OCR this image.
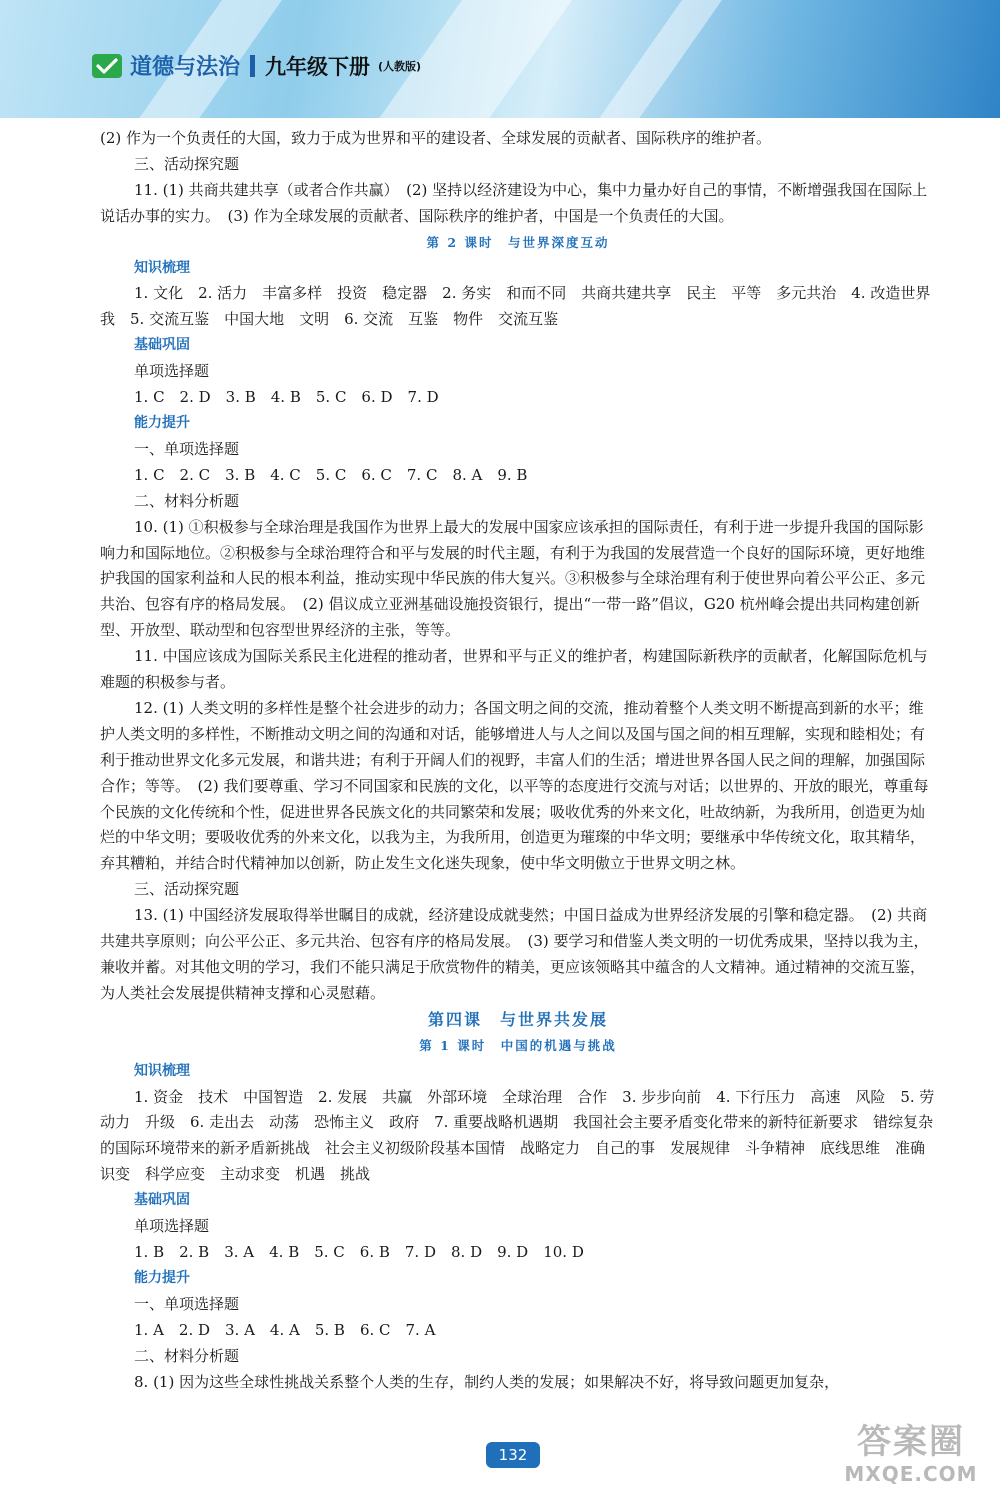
道德与法治 九年级下册 (人教版)

(2) 作为一个负责任的大国，致力于成为世界和平的建设者、全球发展的贡献者、国际秩序的维护者。

三、活动探究题

11. (1) 共商共建共享（或者合作共赢）　(2) 坚持以经济建设为中心，集中力量办好自己的事情，不断增强我国在国际上说话办事的实力。　(3) 作为全球发展的贡献者、国际秩序的维护者，中国是一个负责任的大国。

第 2 课时　与世界深度互动

知识梳理

1. 文化　2. 活力　丰富多样　投资　稳定器　2. 务实　和而不同　共商共建共享　民主　平等　多元共治　4. 改造世界　我　5. 交流互鉴　中国大地　文明　6. 交流　互鉴　物件　交流互鉴

基础巩固

单项选择题

1. C　2. D　3. B　4. B　5. C　6. D　7. D

能力提升

一、单项选择题

1. C　2. C　3. B　4. C　5. C　6. C　7. C　8. A　9. B

二、材料分析题

10. (1) ①积极参与全球治理是我国作为世界上最大的发展中国家应该承担的国际责任，有利于进一步提升我国的国际影响力和国际地位。②积极参与全球治理符合和平与发展的时代主题，有利于为我国的发展营造一个良好的国际环境，更好地维护我国的国家利益和人民的根本利益，推动实现中华民族的伟大复兴。③积极参与全球治理有利于使世界向着公平公正、多元共治、包容有序的格局发展。　(2) 倡议成立亚洲基础设施投资银行，提出“一带一路”倡议，G20 杭州峰会提出共同构建创新型、开放型、联动型和包容型世界经济的主张，等等。

11. 中国应该成为国际关系民主化进程的推动者，世界和平与正义的维护者，构建国际新秩序的贡献者，化解国际危机与难题的积极参与者。

12. (1) 人类文明的多样性是整个社会进步的动力；各国文明之间的交流，推动着整个人类文明不断提高到新的水平；维护人类文明的多样性，不断推动文明之间的沟通和对话，能够增进人与人之间以及国与国之间的相互理解，实现和睦相处；有利于推动世界文化多元发展，和谐共进；有利于开阔人们的视野，丰富人们的生活；增进世界各国人民之间的理解，加强国际合作；等等。　(2) 我们要尊重、学习不同国家和民族的文化，以平等的态度进行交流与对话；以世界的、开放的眼光，尊重每个民族的文化传统和个性，促进世界各民族文化的共同繁荣和发展；吸收优秀的外来文化，吐故纳新，为我所用，创造更为灿烂的中华文明；要吸收优秀的外来文化，以我为主，为我所用，创造更为璀璨的中华文明；要继承中华传统文化，取其精华，弃其糟粕，并结合时代精神加以创新，防止发生文化迷失现象，使中华文明傲立于世界文明之林。

三、活动探究题

13. (1) 中国经济发展取得举世瞩目的成就，经济建设成就斐然；中国日益成为世界经济发展的引擎和稳定器。　(2) 共商共建共享原则；向公平公正、多元共治、包容有序的格局发展。　(3) 要学习和借鉴人类文明的一切优秀成果，坚持以我为主，兼收并蓄。对其他文明的学习，我们不能只满足于欣赏物件的精美，更应该领略其中蕴含的人文精神。通过精神的交流互鉴，为人类社会发展提供精神支撑和心灵慰藉。

第四课　与世界共发展

第 1 课时　中国的机遇与挑战

知识梳理

1. 资金　技术　中国智造　2. 发展　共赢　外部环境　全球治理　合作　3. 步步向前　4. 下行压力　高速　风险　5. 劳动力　升级　6. 走出去　动荡　恐怖主义　政府　7. 重要战略机遇期　我国社会主要矛盾变化带来的新特征新要求　错综复杂的国际环境带来的新矛盾新挑战　社会主义初级阶段基本国情　战略定力　自己的事　发展规律　斗争精神　底线思维　准确识变　科学应变　主动求变　机遇　挑战

基础巩固

单项选择题

1. B　2. B　3. A　4. B　5. C　6. B　7. D　8. D　9. D　10. D

能力提升

一、单项选择题

1. A　2. D　3. A　4. A　5. B　6. C　7. A

二、材料分析题

8. (1) 因为这些全球性挑战关系整个人类的生存，制约人类的发展；如果解决不好，将导致问题更加复杂，

132	答案圈
MXQE.COM
